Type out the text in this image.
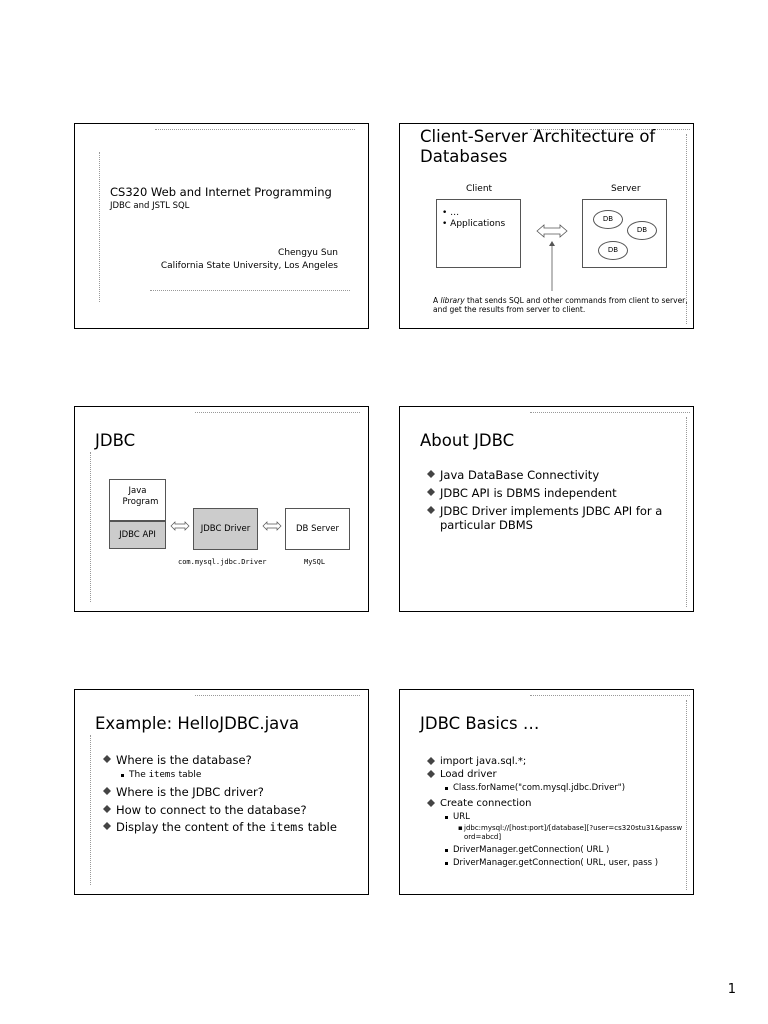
CS320 Web and Internet Programming
JDBC and JSTL SQL
Chengyu Sun
California State University, Los Angeles
Client-Server Architecture of Databases
Client	Server
• …
• Applications	DB
DB
DB
A library that sends SQL and other commands from client to server, and get the results from server to client.
JDBC
Java Program
JDBC API
JDBC Driver	DB Server
com.mysql.jdbc.Driver	MySQL
About JDBC
Java DataBase Connectivity
JDBC API is DBMS independent
JDBC Driver implements JDBC API for a particular DBMS
Example: HelloJDBC.java
Where is the database?
The items table
Where is the JDBC driver?
How to connect to the database?
Display the content of the items table
JDBC Basics …
import java.sql.*;
Load driver
Class.forName("com.mysql.jdbc.Driver")
Create connection
URL
▪ jdbc:mysql://[host:port]/[database][?user=cs320stu31&password=abcd]
DriverManager.getConnection( URL )
DriverManager.getConnection( URL, user, pass )
1
